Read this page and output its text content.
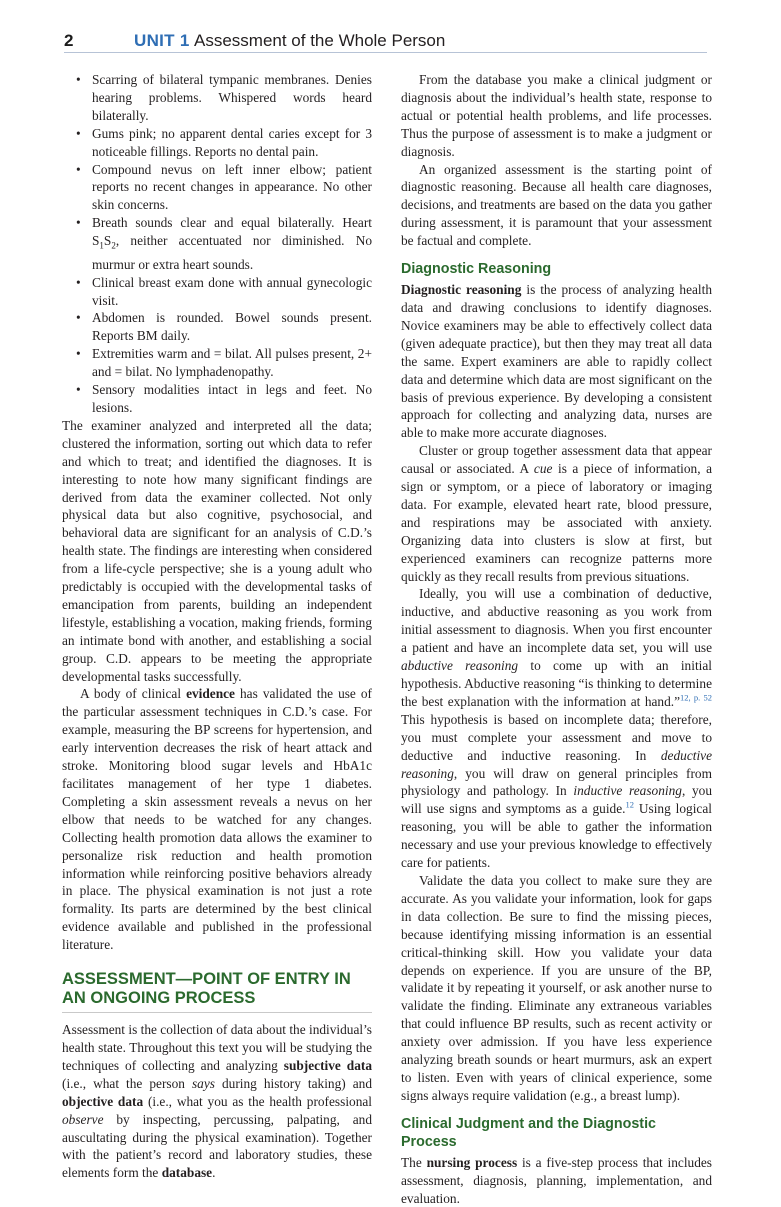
2	UNIT 1 Assessment of the Whole Person
• Scarring of bilateral tympanic membranes. Denies hearing problems. Whispered words heard bilaterally.
• Gums pink; no apparent dental caries except for 3 noticeable fillings. Reports no dental pain.
• Compound nevus on left inner elbow; patient reports no recent changes in appearance. No other skin concerns.
• Breath sounds clear and equal bilaterally. Heart $S_1S_2$, neither accentuated nor diminished. No murmur or extra heart sounds.
• Clinical breast exam done with annual gynecologic visit.
• Abdomen is rounded. Bowel sounds present. Reports BM daily.
• Extremities warm and = bilat. All pulses present, 2+ and = bilat. No lymphadenopathy.
• Sensory modalities intact in legs and feet. No lesions.

The examiner analyzed and interpreted all the data; clustered the information, sorting out which data to refer and which to treat; and identified the diagnoses. It is interesting to note how many significant findings are derived from data the examiner collected. Not only physical data but also cognitive, psychosocial, and behavioral data are significant for an analysis of C.D.’s health state. The findings are interesting when considered from a life-cycle perspective; she is a young adult who predictably is occupied with the developmental tasks of emancipation from parents, building an independent lifestyle, establishing a vocation, making friends, forming an intimate bond with another, and establishing a social group. C.D. appears to be meeting the appropriate developmental tasks successfully.

A body of clinical evidence has validated the use of the particular assessment techniques in C.D.’s case. For example, measuring the BP screens for hypertension, and early intervention decreases the risk of heart attack and stroke. Monitoring blood sugar levels and HbA1c facilitates management of her type 1 diabetes. Completing a skin assessment reveals a nevus on her elbow that needs to be watched for any changes. Collecting health promotion data allows the examiner to personalize risk reduction and health promotion information while reinforcing positive behaviors already in place. The physical examination is not just a rote formality. Its parts are determined by the best clinical evidence available and published in the professional literature.

ASSESSMENT—POINT OF ENTRY IN AN ONGOING PROCESS

Assessment is the collection of data about the individual’s health state. Throughout this text you will be studying the techniques of collecting and analyzing subjective data (i.e., what the person says during history taking) and objective data (i.e., what you as the health professional observe by inspecting, percussing, palpating, and auscultating during the physical examination). Together with the patient’s record and laboratory studies, these elements form the database.

From the database you make a clinical judgment or diagnosis about the individual’s health state, response to actual or potential health problems, and life processes. Thus the purpose of assessment is to make a judgment or diagnosis.

An organized assessment is the starting point of diagnostic reasoning. Because all health care diagnoses, decisions, and treatments are based on the data you gather during assessment, it is paramount that your assessment be factual and complete.

Diagnostic Reasoning

Diagnostic reasoning is the process of analyzing health data and drawing conclusions to identify diagnoses. Novice examiners may be able to effectively collect data (given adequate practice), but then they may treat all data the same. Expert examiners are able to rapidly collect data and determine which data are most significant on the basis of previous experience. By developing a consistent approach for collecting and analyzing data, nurses are able to make more accurate diagnoses.

Cluster or group together assessment data that appear causal or associated. A cue is a piece of information, a sign or symptom, or a piece of laboratory or imaging data. For example, elevated heart rate, blood pressure, and respirations may be associated with anxiety. Organizing data into clusters is slow at first, but experienced examiners can recognize patterns more quickly as they recall results from previous situations.

Ideally, you will use a combination of deductive, inductive, and abductive reasoning as you work from initial assessment to diagnosis. When you first encounter a patient and have an incomplete data set, you will use abductive reasoning to come up with an initial hypothesis. Abductive reasoning “is thinking to determine the best explanation with the information at hand.”$^{12, p. 52}$ This hypothesis is based on incomplete data; therefore, you must complete your assessment and move to deductive and inductive reasoning. In deductive reasoning, you will draw on general principles from physiology and pathology. In inductive reasoning, you will use signs and symptoms as a guide.$^{12}$ Using logical reasoning, you will be able to gather the information necessary and use your previous knowledge to effectively care for patients.

Validate the data you collect to make sure they are accurate. As you validate your information, look for gaps in data collection. Be sure to find the missing pieces, because identifying missing information is an essential critical-thinking skill. How you validate your data depends on experience. If you are unsure of the BP, validate it by repeating it yourself, or ask another nurse to validate the finding. Eliminate any extraneous variables that could influence BP results, such as recent activity or anxiety over admission. If you have less experience analyzing breath sounds or heart murmurs, ask an expert to listen. Even with years of clinical experience, some signs always require validation (e.g., a breast lump).

Clinical Judgment and the Diagnostic Process

The nursing process is a five-step process that includes assessment, diagnosis, planning, implementation, and evaluation.
